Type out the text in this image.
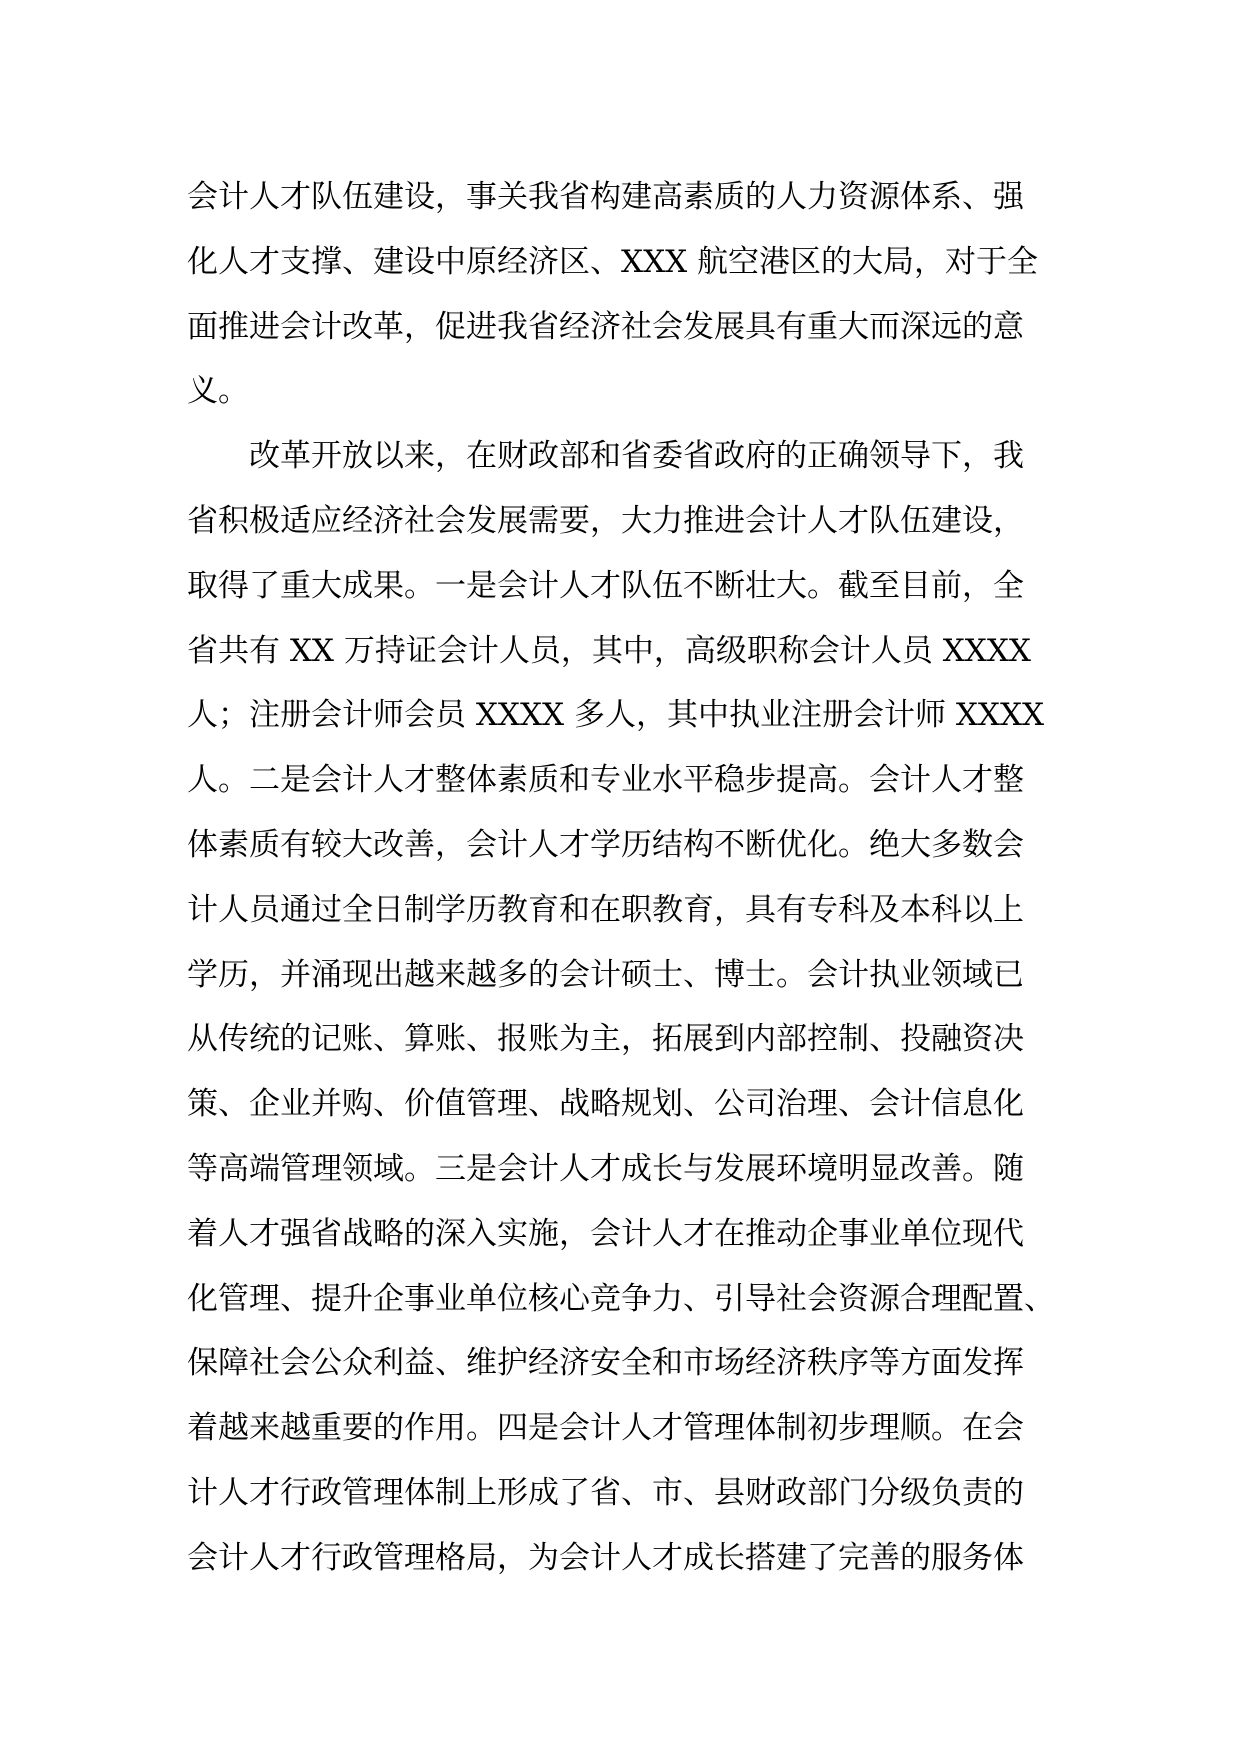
会计人才队伍建设，事关我省构建高素质的人力资源体系、强
化人才支撑、建设中原经济区、XXX 航空港区的大局，对于全
面推进会计改革，促进我省经济社会发展具有重大而深远的意
义。
改革开放以来，在财政部和省委省政府的正确领导下，我
省积极适应经济社会发展需要，大力推进会计人才队伍建设，
取得了重大成果。一是会计人才队伍不断壮大。截至目前，全
省共有 XX 万持证会计人员，其中，高级职称会计人员 XXXX
人；注册会计师会员 XXXX 多人，其中执业注册会计师 XXXX
人。二是会计人才整体素质和专业水平稳步提高。会计人才整
体素质有较大改善，会计人才学历结构不断优化。绝大多数会
计人员通过全日制学历教育和在职教育，具有专科及本科以上
学历，并涌现出越来越多的会计硕士、博士。会计执业领域已
从传统的记账、算账、报账为主，拓展到内部控制、投融资决
策、企业并购、价值管理、战略规划、公司治理、会计信息化
等高端管理领域。三是会计人才成长与发展环境明显改善。随
着人才强省战略的深入实施，会计人才在推动企事业单位现代
化管理、提升企事业单位核心竞争力、引导社会资源合理配置、
保障社会公众利益、维护经济安全和市场经济秩序等方面发挥
着越来越重要的作用。四是会计人才管理体制初步理顺。在会
计人才行政管理体制上形成了省、市、县财政部门分级负责的
会计人才行政管理格局，为会计人才成长搭建了完善的服务体
